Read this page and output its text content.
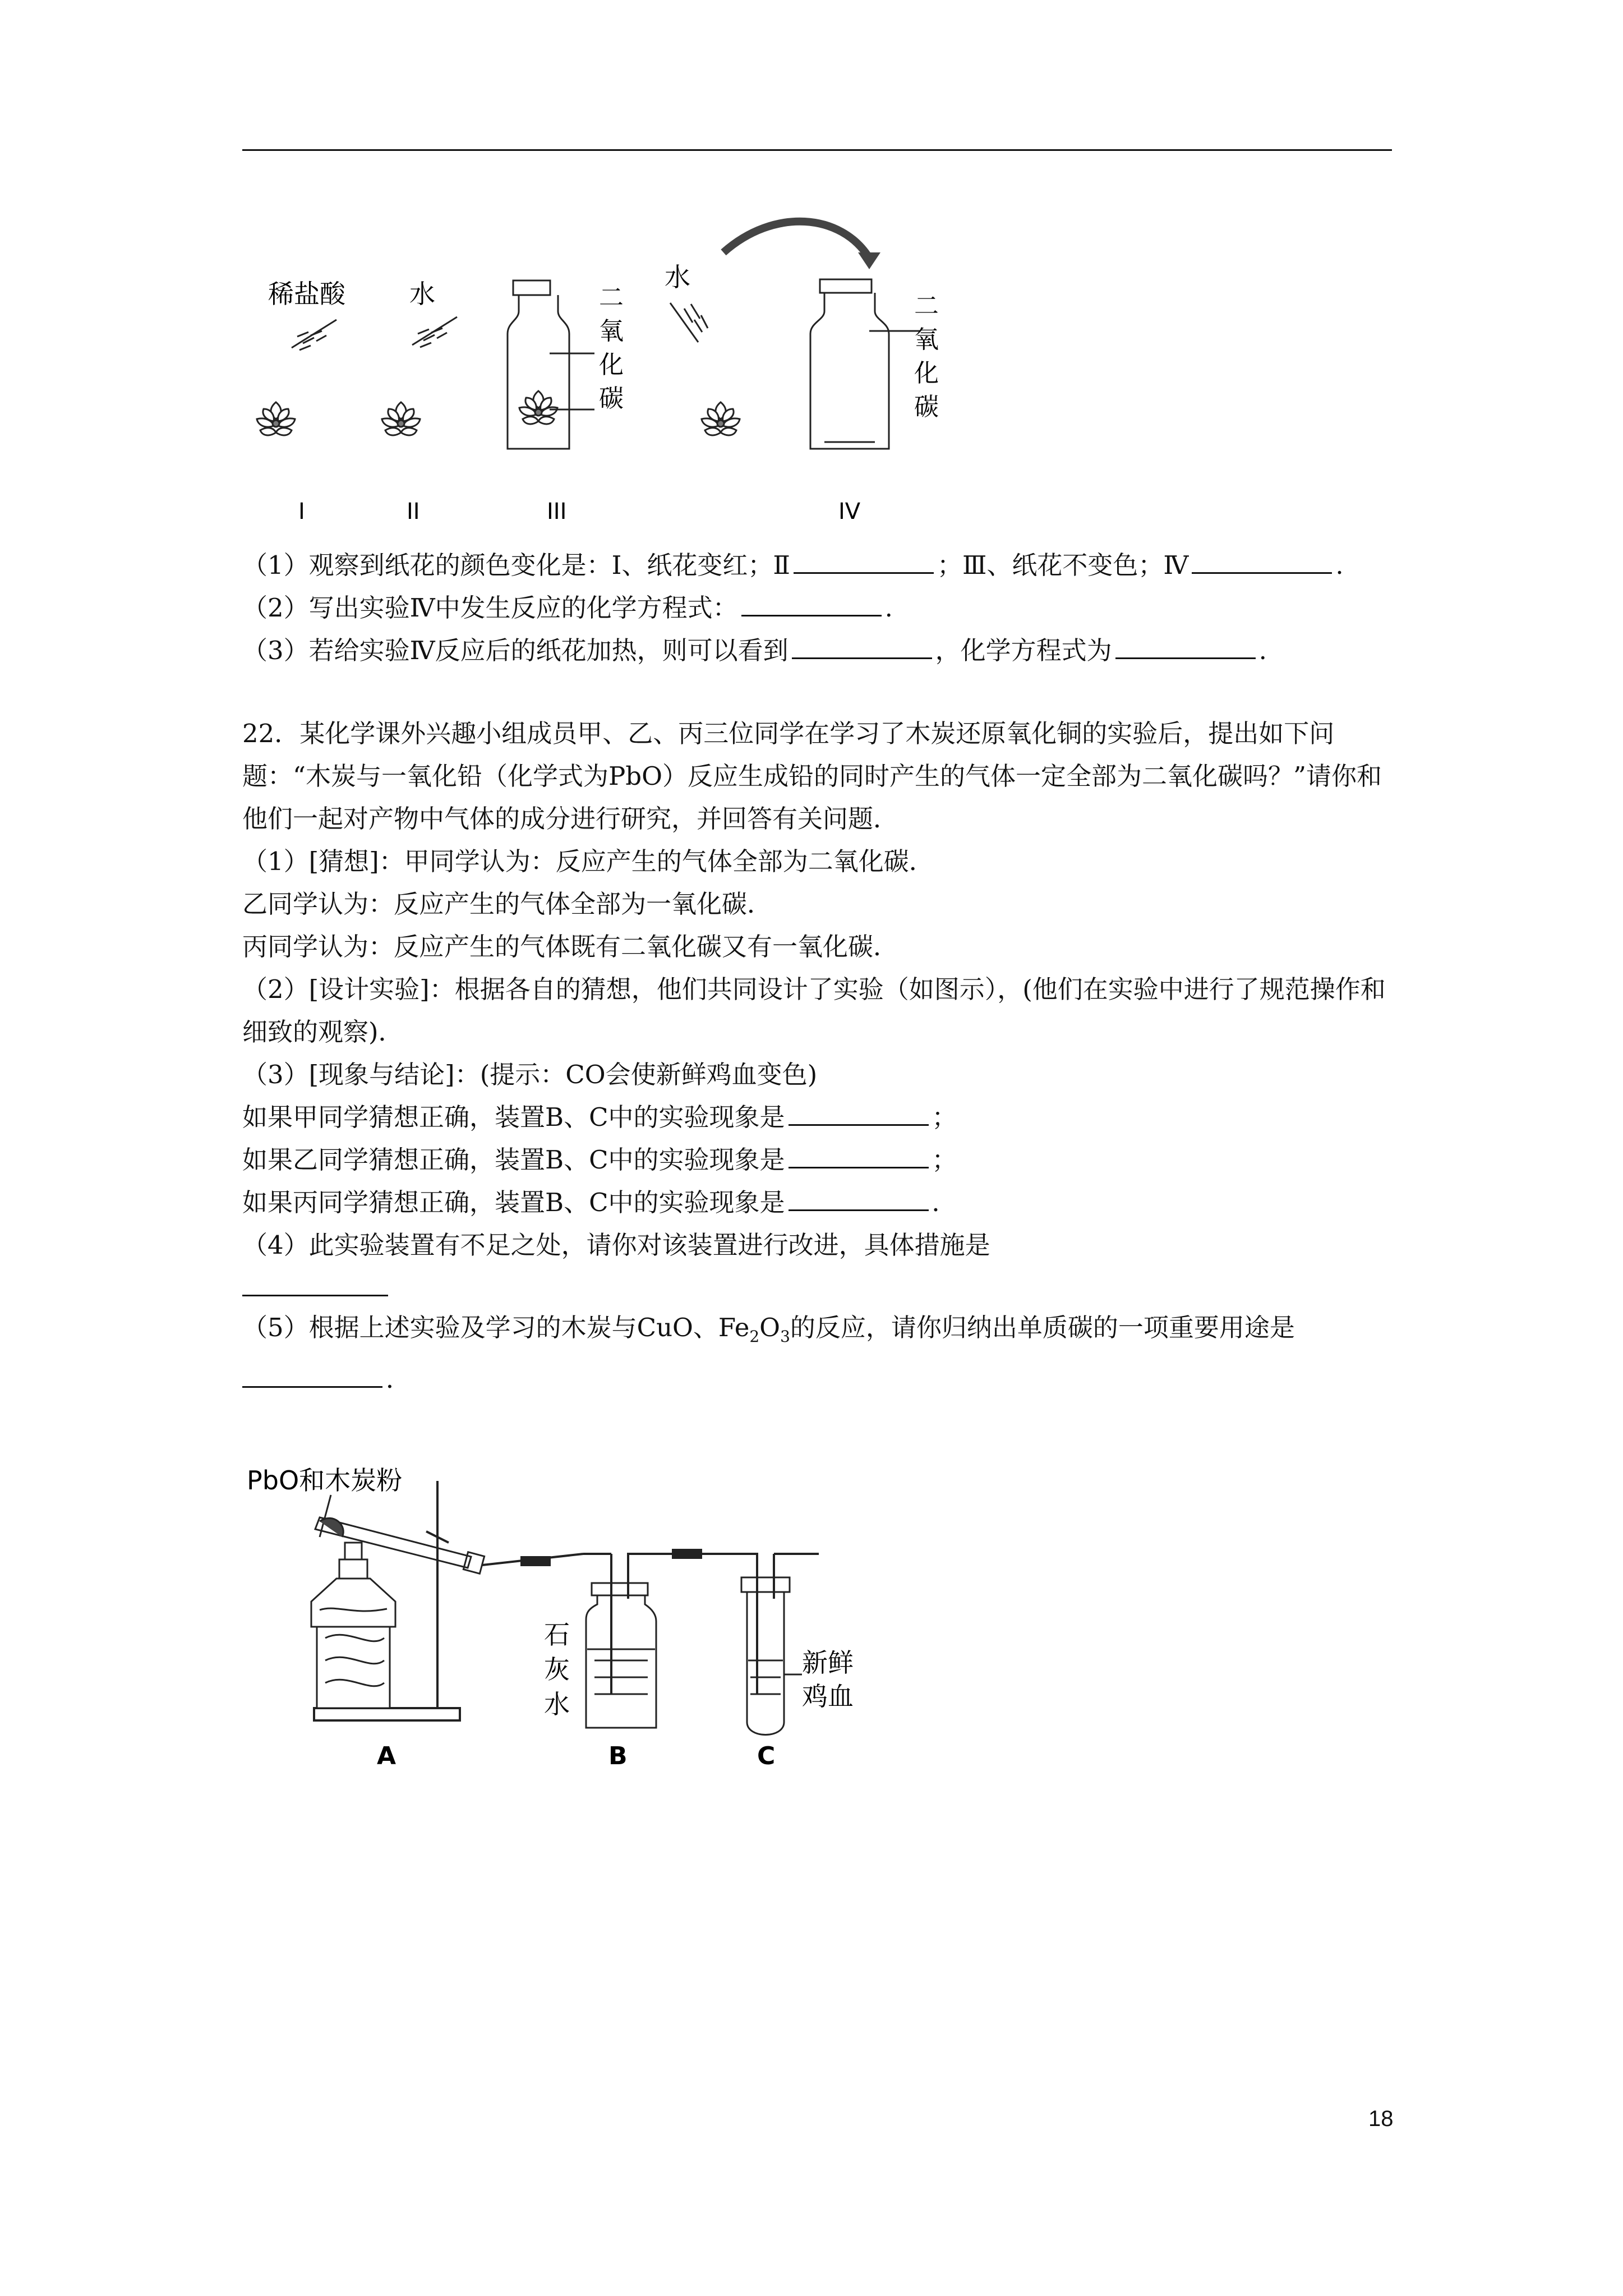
稀盐酸
I
水
II
二
氧
化
碳
III
水
二
氧
化
碳
IV
（1）观察到纸花的颜色变化是：Ⅰ、纸花变红；Ⅱ	；Ⅲ、纸花不变色；Ⅳ	.
（2）写出实验Ⅳ中发生反应的化学方程式：	.
（3）若给实验Ⅳ反应后的纸花加热，则可以看到	，化学方程式为	.
22．某化学课外兴趣小组成员甲、乙、丙三位同学在学习了木炭还原氧化铜的实验后，提出如下问题：“木炭与一氧化铅（化学式为PbO）反应生成铅的同时产生的气体一定全部为二氧化碳吗？”请你和他们一起对产物中气体的成分进行研究，并回答有关问题．
（1）[猜想]：甲同学认为：反应产生的气体全部为二氧化碳．
乙同学认为：反应产生的气体全部为一氧化碳．
丙同学认为：反应产生的气体既有二氧化碳又有一氧化碳．
（2）[设计实验]：根据各自的猜想，他们共同设计了实验（如图示），(他们在实验中进行了规范操作和细致的观察)．
（3）[现象与结论]：(提示：CO会使新鲜鸡血变色)
如果甲同学猜想正确，装置B、C中的实验现象是	；
如果乙同学猜想正确，装置B、C中的实验现象是	；
如果丙同学猜想正确，装置B、C中的实验现象是	．
（4）此实验装置有不足之处，请你对该装置进行改进，具体措施是
（5）根据上述实验及学习的木炭与CuO、$Fe_2O_3$的反应，请你归纳出单质碳的一项重要用途是
．
PbO和木炭粉
A
石
灰
水
B
新鲜
鸡血
C
18
